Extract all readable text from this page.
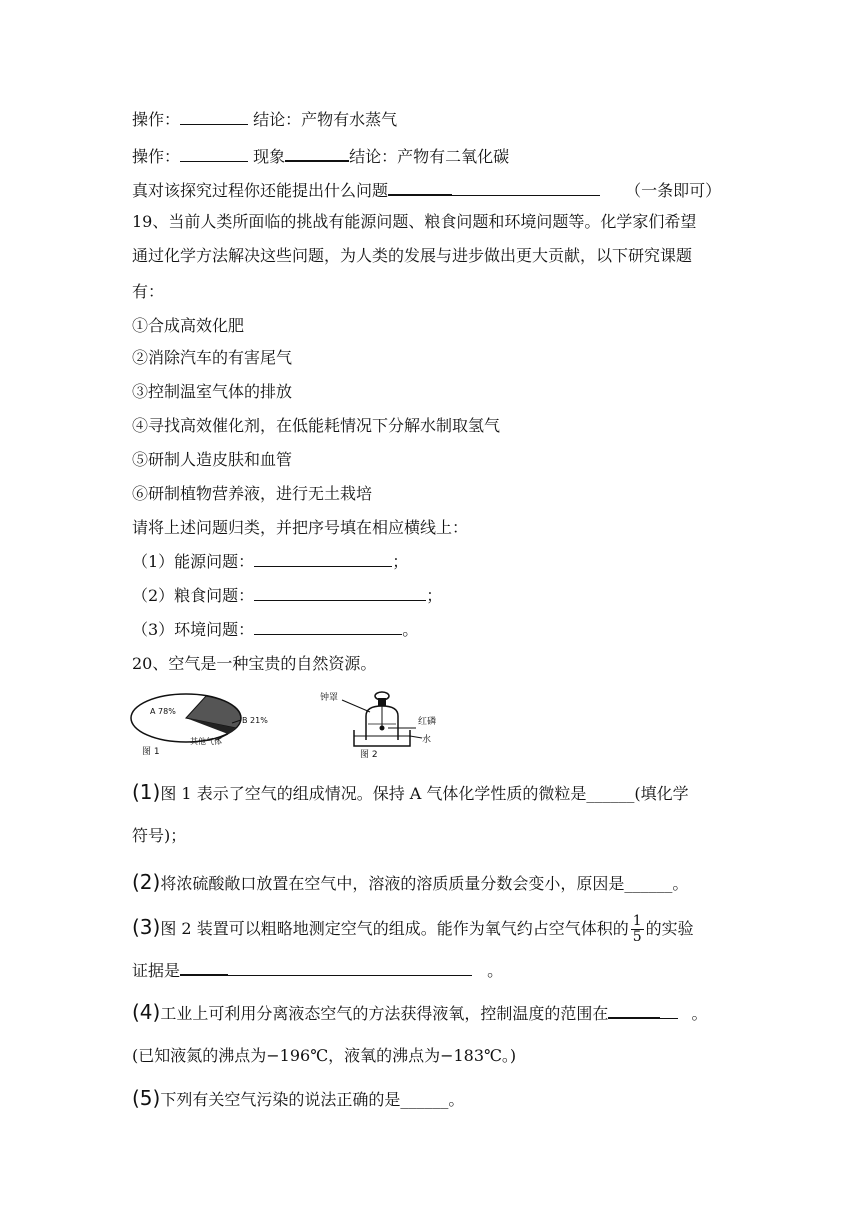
操作：	结论：产物有水蒸气
操作：	现象	结论：产物有二氧化碳
真对该探究过程你还能提出什么问题	（一条即可）
19、当前人类所面临的挑战有能源问题、粮食问题和环境问题等。化学家们希望
通过化学方法解决这些问题，为人类的发展与进步做出更大贡献，以下研究课题
有：
①合成高效化肥
②消除汽车的有害尾气
③控制温室气体的排放
④寻找高效催化剂，在低能耗情况下分解水制取氢气
⑤研制人造皮肤和血管
⑥研制植物营养液，进行无土栽培
请将上述问题归类，并把序号填在相应横线上：
（1）能源问题：	；
（2）粮食问题：	；
（3）环境问题：	。
20、空气是一种宝贵的自然资源。
A 78%
B 21%
其他气体
图 1
钟罩
红磷
水
图 2
(1)图 1 表示了空气的组成情况。保持 A 气体化学性质的微粒是______(填化学
符号)；
(2)将浓硫酸敞口放置在空气中，溶液的溶质质量分数会变小，原因是______。
(3)图 2 装置可以粗略地测定空气的组成。能作为氧气约占空气体积的 $\frac{1}{5}$ 的实验
证据是	。
(4)工业上可利用分离液态空气的方法获得液氧，控制温度的范围在	。
(已知液氮的沸点为−196℃，液氧的沸点为−183℃。)
(5)下列有关空气污染的说法正确的是______。
